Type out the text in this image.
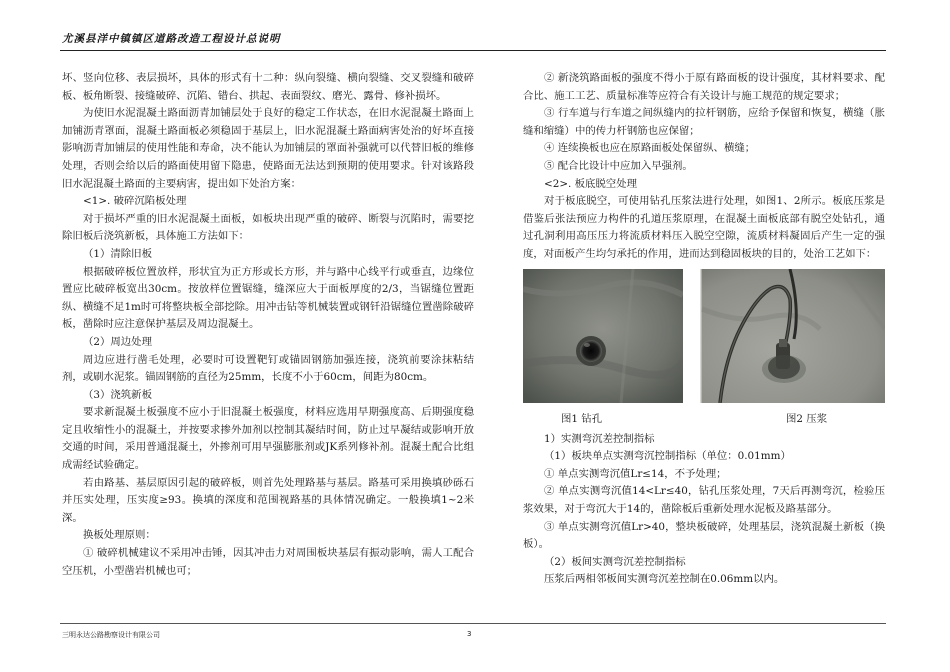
尤溪县洋中镇镇区道路改造工程设计总说明

坏、竖向位移、表层损坏，具体的形式有十二种：纵向裂缝、横向裂缝、交叉裂缝和破碎板、板角断裂、接缝破碎、沉陷、错台、拱起、表面裂纹、磨光、露骨、修补损坏。

为使旧水泥混凝土路面沥青加铺层处于良好的稳定工作状态，在旧水泥混凝土路面上加铺沥青罩面，混凝土路面板必须稳固于基层上，旧水泥混凝土路面病害处治的好坏直接影响沥青加铺层的使用性能和寿命，决不能认为加铺层的罩面补强就可以代替旧板的维修处理，否则会给以后的路面使用留下隐患，使路面无法达到预期的使用要求。针对该路段旧水泥混凝土路面的主要病害，提出如下处治方案：

<1>. 破碎沉陷板处理

对于损坏严重的旧水泥混凝土面板，如板块出现严重的破碎、断裂与沉陷时，需要挖除旧板后浇筑新板，具体施工方法如下：

（1）清除旧板

根据破碎板位置放样，形状宜为正方形或长方形，并与路中心线平行或垂直，边缘位置应比破碎板宽出30cm。按放样位置锯缝，缝深应大于面板厚度的2/3，当锯缝位置距纵、横缝不足1m时可将整块板全部挖除。用冲击钻等机械装置或钢钎沿锯缝位置凿除破碎板，凿除时应注意保护基层及周边混凝土。

（2）周边处理

周边应进行凿毛处理，必要时可设置靶钉或锚固钢筋加强连接，浇筑前要涂抹粘结剂，或刷水泥浆。锚固钢筋的直径为25mm，长度不小于60cm，间距为80cm。

（3）浇筑新板

要求新混凝土板强度不应小于旧混凝土板强度，材料应选用早期强度高、后期强度稳定且收缩性小的混凝土，并按要求掺外加剂以控制其凝结时间，防止过早凝结或影响开放交通的时间，采用普通混凝土，外掺剂可用早强膨胀剂或JK系列修补剂。混凝土配合比组成需经试验确定。

若由路基、基层原因引起的破碎板，则首先处理路基与基层。路基可采用换填砂砾石并压实处理，压实度≥93。换填的深度和范围视路基的具体情况确定。一般换填1~2米深。

换板处理原则：

① 破碎机械建议不采用冲击锤，因其冲击力对周围板块基层有振动影响，需人工配合空压机，小型凿岩机械也可；

② 新浇筑路面板的强度不得小于原有路面板的设计强度，其材料要求、配合比、施工工艺、质量标准等应符合有关设计与施工规范的规定要求；

③ 行车道与行车道之间纵缝内的拉杆钢筋，应给予保留和恢复，横缝（胀缝和缩缝）中的传力杆钢筋也应保留；

④ 连续换板也应在原路面板处保留纵、横缝；

⑤ 配合比设计中应加入早强剂。

<2>. 板底脱空处理

对于板底脱空，可使用钻孔压浆法进行处理，如图1、2所示。板底压浆是借鉴后张法预应力构件的孔道压浆原理，在混凝土面板底部有脱空处钻孔，通过孔洞利用高压压力将流质材料压入脱空空隙，流质材料凝固后产生一定的强度，对面板产生均匀承托的作用，进而达到稳固板块的目的，处治工艺如下：

图1 钻孔	图2 压浆

1）实测弯沉差控制指标

（1）板块单点实测弯沉控制指标（单位：0.01mm）

① 单点实测弯沉值Lr≤14，不予处理；

② 单点实测弯沉值14<Lr≤40，钻孔压浆处理，7天后再测弯沉，检验压浆效果，对于弯沉大于14的，凿除板后重新处理水泥板及路基部分。

③ 单点实测弯沉值Lr>40，整块板破碎，处理基层，浇筑混凝土新板（换板）。

（2）板间实测弯沉差控制指标

压浆后两相邻板间实测弯沉差控制在0.06mm以内。

三明永达公路勘察设计有限公司	3
